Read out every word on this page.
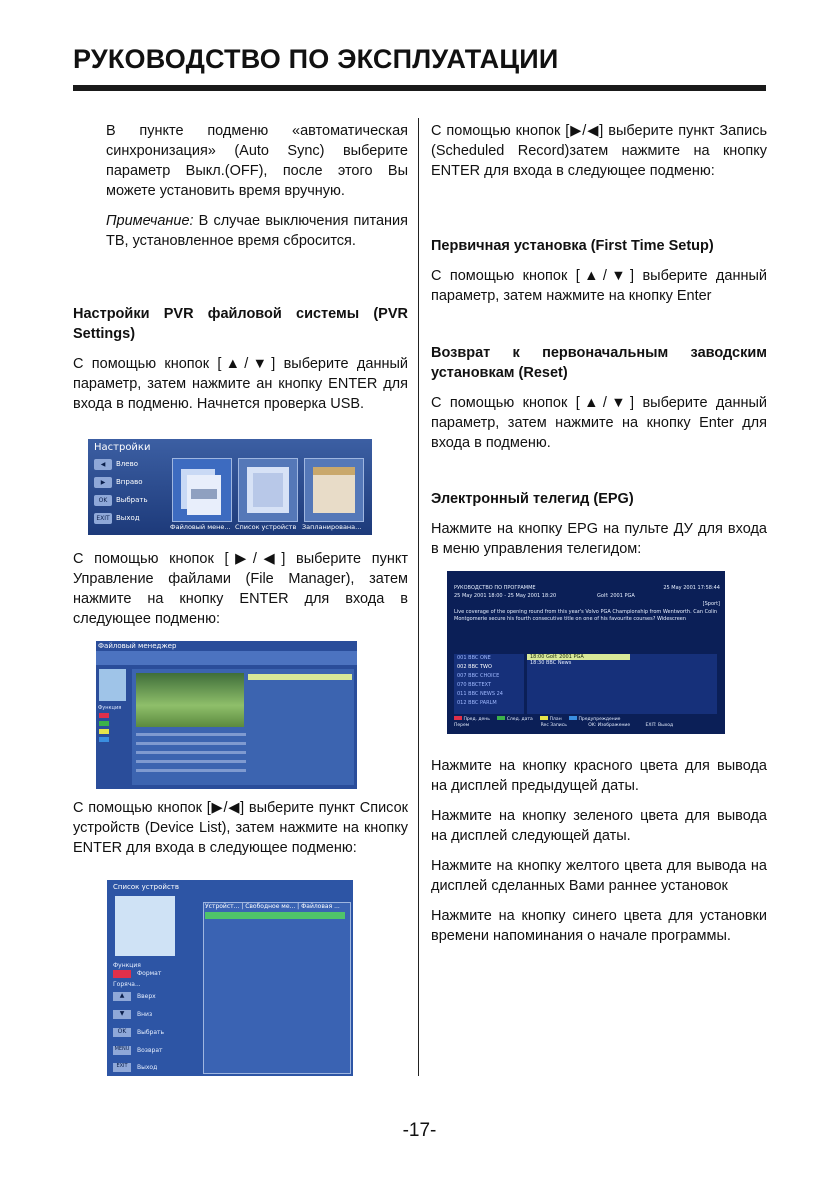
РУКОВОДСТВО ПО ЭКСПЛУАТАЦИИ

В пункте подменю «автоматическая синхронизация» (Auto Sync) выберите параметр Выкл.(OFF), после этого Вы можете установить время вручную.

Примечание: В случае выключения питания ТВ, установленное время сбросится.

Настройки PVR файловой системы (PVR Settings)

С помощью кнопок [▲/▼] выберите данный параметр, затем нажмите ан кнопку ENTER для входа в подменю. Начнется проверка USB.

Настройки
◀	Влево
▶	Вправо
OK	Выбрать
EXIT Выход
Файловый мене... Список устройств Запланирована...

С помощью кнопок [▶/◀] выберите пункт Управление файлами (File Manager), затем нажмите на кнопку ENTER для входа в следующее подменю:

Файловый менеджер
Функция

С помощью кнопок [▶/◀] выберите пункт Список устройств (Device List), затем нажмите на кнопку ENTER для входа в следующее подменю:

Список устройств
Устройст... | Свободное ме... | Файловая ...
Функция
Формат
Горяча...
▲	Вверх
▼	Вниз
OK	Выбрать
MENU Возврат
EXIT	Выход

С помощью кнопок [▶/◀] выберите пункт Запись (Scheduled Record)затем нажмите на кнопку ENTER для входа в следующее подменю:

Первичная установка (First Time Setup)

С помощью кнопок [▲/▼] выберите данный параметр, затем нажмите на кнопку Enter

Возврат к первоначальным заводским установкам (Reset)

С помощью кнопок [▲/▼] выберите данный параметр, затем нажмите на кнопку Enter для входа в подменю.

Электронный телегид (EPG)

Нажмите на кнопку EPG на пульте ДУ для входа в меню управления телегидом:

РУКОВОДСТВО ПО ПРОГРАММЕ	25 May 2001 17:58:44
25 May 2001 18:00 - 25 May 2001 18:20	Golf: 2001 PGA
[Sport]
Live coverage of the opening round from this year's Volvo PGA Championship from Wentworth. Can Colin Montgomerie secure his fourth consecutive title on one of his favourite courses? Widescreen
001 BBC ONE
002 BBC TWO
007 BBC CHOICE
070 BBCTEXT
011 BBC NEWS 24
012 BBC PARLM
18:00 Golf: 2001 PGA
18:30 BBC News
Пред. день	След. дата	План	Предупреждение
Перем	Rec Запись	OK: Изображение	EXIT: Выход

Нажмите на кнопку красного цвета для вывода на дисплей предыдущей даты.

Нажмите на кнопку зеленого цвета для вывода на дисплей следующей даты.

Нажмите на кнопку желтого цвета для вывода на дисплей сделанных Вами раннее установок

Нажмите на кнопку синего цвета для установки времени напоминания о начале программы.

-17-
